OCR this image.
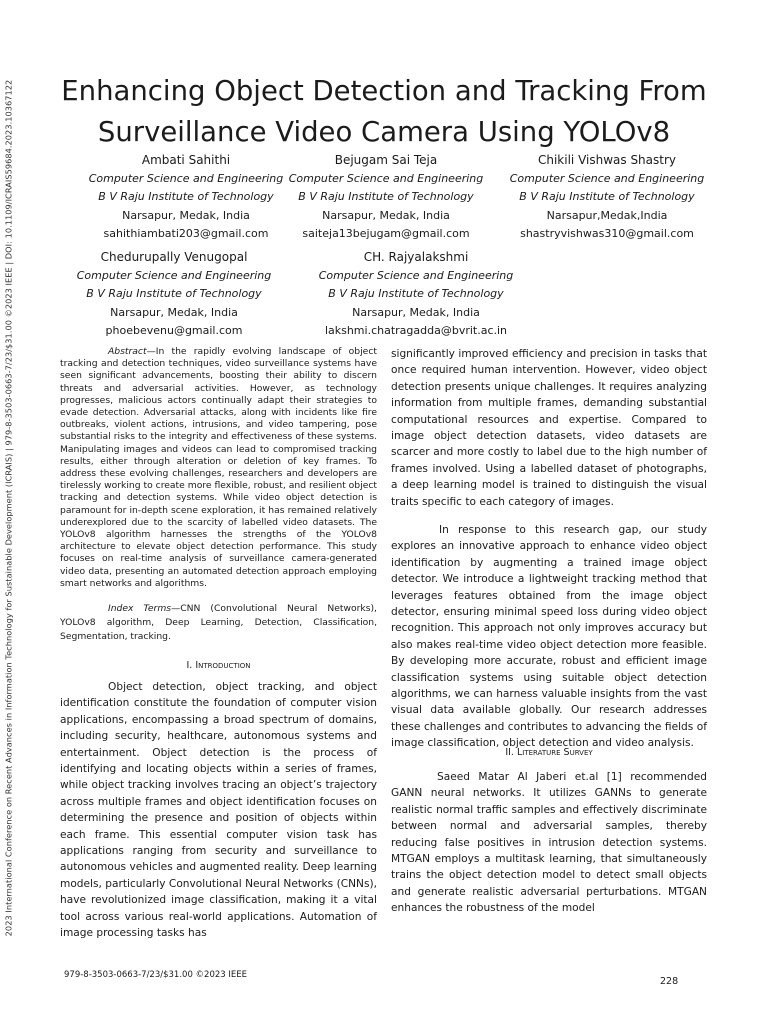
2023 International Conference on Recent Advances in Information Technology for Sustainable Development (ICRAIS) | 979-8-3503-0663-7/23/$31.00 ©2023 IEEE | DOI: 10.1109/ICRAIS59684.2023.10367122 Enhancing Object Detection and Tracking From
Surveillance Video Camera Using YOLOv8
Ambati Sahithi
Computer Science and Engineering
B V Raju Institute of Technology
Narsapur, Medak, India
sahithiambati203@gmail.com
Bejugam Sai Teja
Computer Science and Engineering
B V Raju Institute of Technology
Narsapur, Medak, India
saiteja13bejugam@gmail.com
Chikili Vishwas Shastry
Computer Science and Engineering
B V Raju Institute of Technology
Narsapur,Medak,India
shastryvishwas310@gmail.com
Chedurupally Venugopal
Computer Science and Engineering
B V Raju Institute of Technology
Narsapur, Medak, India
phoebevenu@gmail.com
CH. Rajyalakshmi
Computer Science and Engineering
B V Raju Institute of Technology
Narsapur, Medak, India
lakshmi.chatragadda@bvrit.ac.in

Abstract—In the rapidly evolving landscape of object tracking and detection techniques, video surveillance systems have seen significant advancements, boosting their ability to discern threats and adversarial activities. However, as technology progresses, malicious actors continually adapt their strategies to evade detection. Adversarial attacks, along with incidents like fire outbreaks, violent actions, intrusions, and video tampering, pose substantial risks to the integrity and effectiveness of these systems. Manipulating images and videos can lead to compromised tracking results, either through alteration or deletion of key frames. To address these evolving challenges, researchers and developers are tirelessly working to create more flexible, robust, and resilient object tracking and detection systems. While video object detection is paramount for in-depth scene exploration, it has remained relatively underexplored due to the scarcity of labelled video datasets. The YOLOv8 algorithm harnesses the strengths of the YOLOv8 architecture to elevate object detection performance. This study focuses on real-time analysis of surveillance camera-generated video data, presenting an automated detection approach employing smart networks and algorithms.

Index Terms—CNN (Convolutional Neural Networks), YOLOv8 algorithm, Deep Learning, Detection, Classification, Segmentation, tracking.

I. Introduction

Object detection, object tracking, and object identification constitute the foundation of computer vision applications, encompassing a broad spectrum of domains, including security, healthcare, autonomous systems and entertainment. Object detection is the process of identifying and locating objects within a series of frames, while object tracking involves tracing an object’s trajectory across multiple frames and object identification focuses on determining the presence and position of objects within each frame. This essential computer vision task has applications ranging from security and surveillance to autonomous vehicles and augmented reality. Deep learning models, particularly Convolutional Neural Networks (CNNs), have revolutionized image classification, making it a vital tool across various real-world applications. Automation of image processing tasks has

significantly improved efficiency and precision in tasks that once required human intervention. However, video object detection presents unique challenges. It requires analyzing information from multiple frames, demanding substantial computational resources and expertise. Compared to image object detection datasets, video datasets are scarcer and more costly to label due to the high number of frames involved. Using a labelled dataset of photographs, a deep learning model is trained to distinguish the visual traits specific to each category of images.

In response to this research gap, our study explores an innovative approach to enhance video object identification by augmenting a trained image object detector. We introduce a lightweight tracking method that leverages features obtained from the image object detector, ensuring minimal speed loss during video object recognition. This approach not only improves accuracy but also makes real-time video object detection more feasible. By developing more accurate, robust and efficient image classification systems using suitable object detection algorithms, we can harness valuable insights from the vast visual data available globally. Our research addresses these challenges and contributes to advancing the fields of image classification, object detection and video analysis.

II. Literature Survey

Saeed Matar Al Jaberi et.al [1] recommended GANN neural networks. It utilizes GANNs to generate realistic normal traffic samples and effectively discriminate between normal and adversarial samples, thereby reducing false positives in intrusion detection systems. MTGAN employs a multitask learning, that simultaneously trains the object detection model to detect small objects and generate realistic adversarial perturbations. MTGAN enhances the robustness of the model

979-8-3503-0663-7/23/$31.00 ©2023 IEEE
228
